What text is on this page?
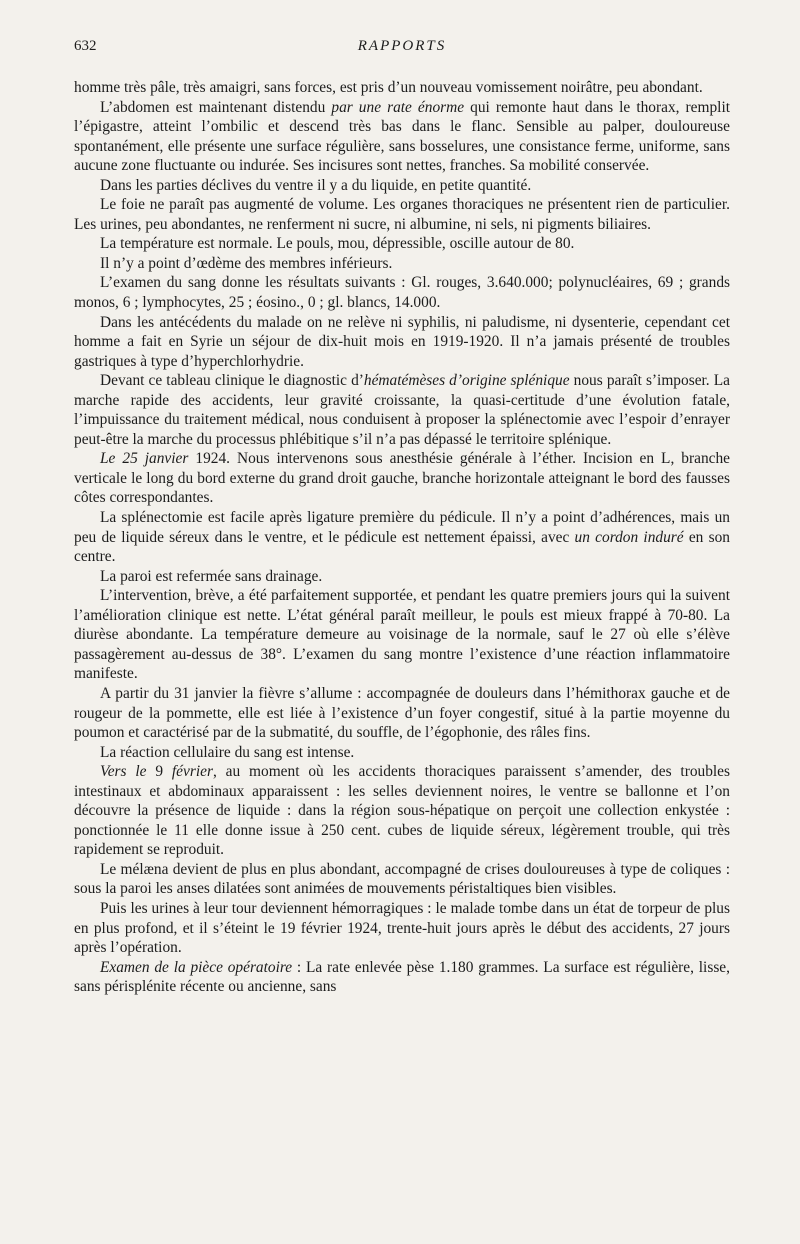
632	RAPPORTS

homme très pâle, très amaigri, sans forces, est pris d’un nouveau vomissement noirâtre, peu abondant.

L’abdomen est maintenant distendu par une rate énorme qui remonte haut dans le thorax, remplit l’épigastre, atteint l’ombilic et descend très bas dans le flanc. Sensible au palper, douloureuse spontanément, elle présente une surface régulière, sans bosselures, une consistance ferme, uniforme, sans aucune zone fluctuante ou indurée. Ses incisures sont nettes, franches. Sa mobilité conservée.

Dans les parties déclives du ventre il y a du liquide, en petite quantité.

Le foie ne paraît pas augmenté de volume. Les organes thoraciques ne présentent rien de particulier. Les urines, peu abondantes, ne renferment ni sucre, ni albumine, ni sels, ni pigments biliaires.

La température est normale. Le pouls, mou, dépressible, oscille autour de 80.

Il n’y a point d’œdème des membres inférieurs.

L’examen du sang donne les résultats suivants : Gl. rouges, 3.640.000; polynucléaires, 69 ; grands monos, 6 ; lymphocytes, 25 ; éosino., 0 ; gl. blancs, 14.000.

Dans les antécédents du malade on ne relève ni syphilis, ni paludisme, ni dysenterie, cependant cet homme a fait en Syrie un séjour de dix-huit mois en 1919-1920. Il n’a jamais présenté de troubles gastriques à type d’hyperchlorhydrie.

Devant ce tableau clinique le diagnostic d’hématémèses d’origine splénique nous paraît s’imposer. La marche rapide des accidents, leur gravité croissante, la quasi-certitude d’une évolution fatale, l’impuissance du traitement médical, nous conduisent à proposer la splénectomie avec l’espoir d’enrayer peut-être la marche du processus phlébitique s’il n’a pas dépassé le territoire splénique.

Le 25 janvier 1924. Nous intervenons sous anesthésie générale à l’éther. Incision en L, branche verticale le long du bord externe du grand droit gauche, branche horizontale atteignant le bord des fausses côtes correspondantes.

La splénectomie est facile après ligature première du pédicule. Il n’y a point d’adhérences, mais un peu de liquide séreux dans le ventre, et le pédicule est nettement épaissi, avec un cordon induré en son centre.

La paroi est refermée sans drainage.

L’intervention, brève, a été parfaitement supportée, et pendant les quatre premiers jours qui la suivent l’amélioration clinique est nette. L’état général paraît meilleur, le pouls est mieux frappé à 70-80. La diurèse abondante. La température demeure au voisinage de la normale, sauf le 27 où elle s’élève passagèrement au-dessus de 38°. L’examen du sang montre l’existence d’une réaction inflammatoire manifeste.

A partir du 31 janvier la fièvre s’allume : accompagnée de douleurs dans l’hémithorax gauche et de rougeur de la pommette, elle est liée à l’existence d’un foyer congestif, situé à la partie moyenne du poumon et caractérisé par de la submatité, du souffle, de l’égophonie, des râles fins.

La réaction cellulaire du sang est intense.

Vers le 9 février, au moment où les accidents thoraciques paraissent s’amender, des troubles intestinaux et abdominaux apparaissent : les selles deviennent noires, le ventre se ballonne et l’on découvre la présence de liquide : dans la région sous-hépatique on perçoit une collection enkystée : ponctionnée le 11 elle donne issue à 250 cent. cubes de liquide séreux, légèrement trouble, qui très rapidement se reproduit.

Le mélæna devient de plus en plus abondant, accompagné de crises douloureuses à type de coliques : sous la paroi les anses dilatées sont animées de mouvements péristaltiques bien visibles.

Puis les urines à leur tour deviennent hémorragiques : le malade tombe dans un état de torpeur de plus en plus profond, et il s’éteint le 19 février 1924, trente-huit jours après le début des accidents, 27 jours après l’opération.

Examen de la pièce opératoire : La rate enlevée pèse 1.180 grammes. La surface est régulière, lisse, sans périsplénite récente ou ancienne, sans
